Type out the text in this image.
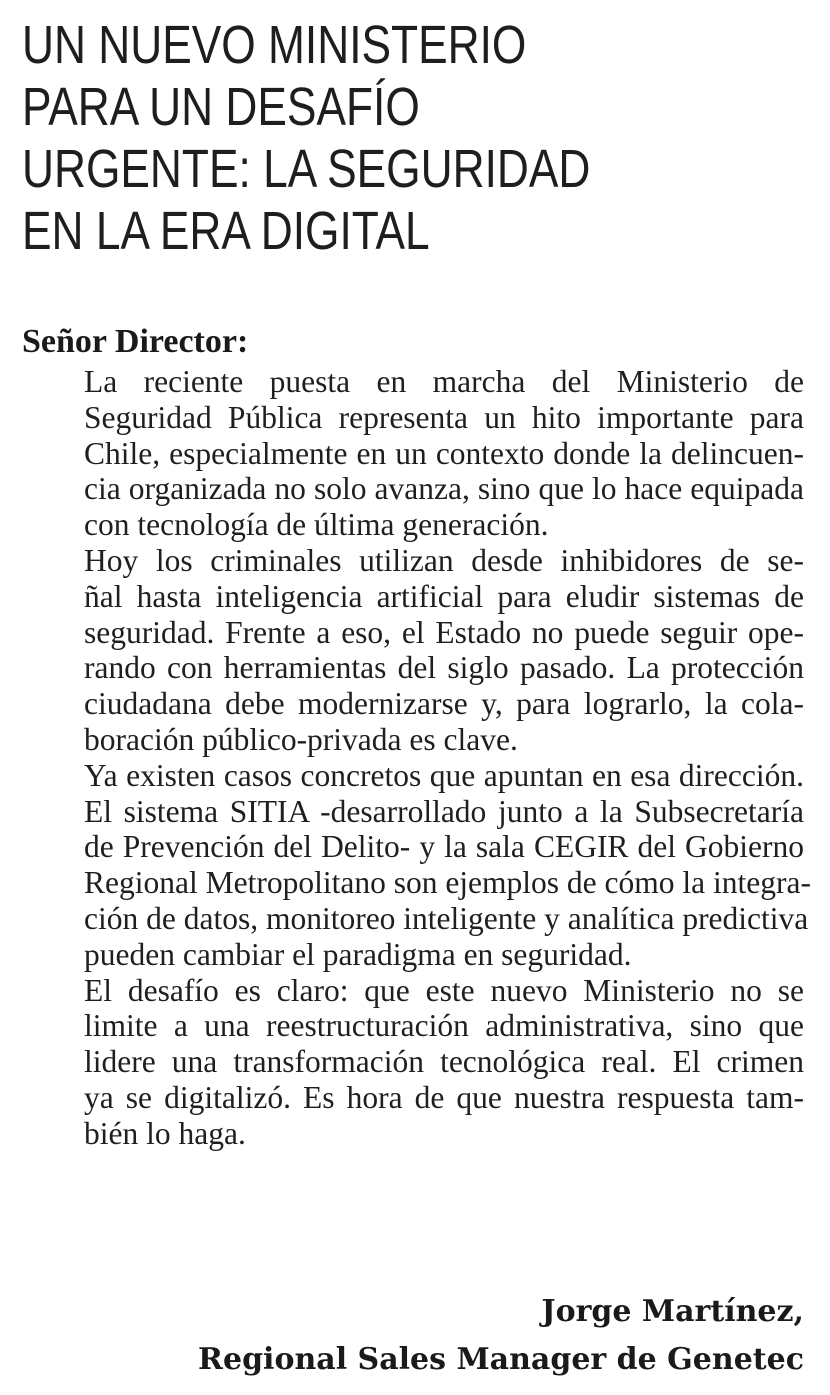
UN NUEVO MINISTERIO
PARA UN DESAFÍO
URGENTE: LA SEGURIDAD
EN LA ERA DIGITAL
Señor Director:

La reciente puesta en marcha del Ministerio de
Seguridad Pública representa un hito importante para
Chile, especialmente en un contexto donde la delincuen-
cia organizada no solo avanza, sino que lo hace equipada
con tecnología de última generación.

Hoy los criminales utilizan desde inhibidores de se-
ñal hasta inteligencia artificial para eludir sistemas de
seguridad. Frente a eso, el Estado no puede seguir ope-
rando con herramientas del siglo pasado. La protección
ciudadana debe modernizarse y, para lograrlo, la cola-
boración público-privada es clave.

Ya existen casos concretos que apuntan en esa dirección.
El sistema SITIA -desarrollado junto a la Subsecretaría
de Prevención del Delito- y la sala CEGIR del Gobierno
Regional Metropolitano son ejemplos de cómo la integra-
ción de datos, monitoreo inteligente y analítica predictiva
pueden cambiar el paradigma en seguridad.

El desafío es claro: que este nuevo Ministerio no se
limite a una reestructuración administrativa, sino que
lidere una transformación tecnológica real. El crimen
ya se digitalizó. Es hora de que nuestra respuesta tam-
bién lo haga.

Jorge Martínez,
Regional Sales Manager de Genetec
